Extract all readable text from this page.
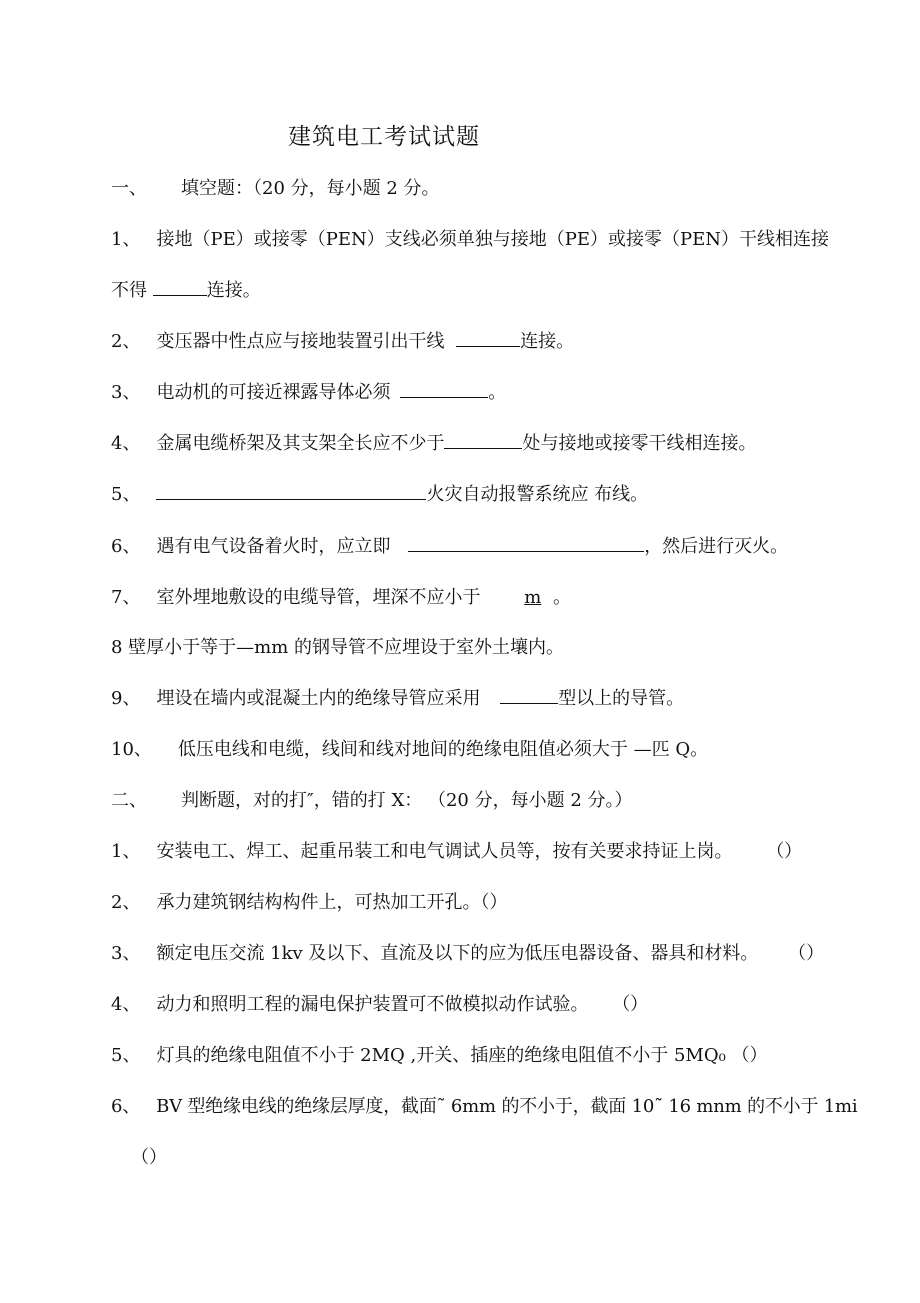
建筑电工考试试题
一、 填空题：（20 分，每小题 2 分。
1、 接地（PE）或接零（PEN）支线必须单独与接地（PE）或接零（PEN）干线相连接
不得	连接。
2、 变压器中性点应与接地装置引出干线	连接。
3、 电动机的可接近裸露导体必须	。
4、 金属电缆桥架及其支架全长应不少于	处与接地或接零干线相连接。
5、	火灾自动报警系统应 布线。
6、 遇有电气设备着火时，应立即	，然后进行灭火。
7、 室外埋地敷设的电缆导管，埋深不应小于 m 。
8 壁厚小于等于—mm 的钢导管不应埋设于室外土壤内。
9、 埋设在墙内或混凝土内的绝缘导管应采用	型以上的导管。
10、 低压电线和电缆，线间和线对地间的绝缘电阻值必须大于 —匹 Q。
二、 判断题，对的打″，错的打 X： （20 分，每小题 2 分。）
1、 安装电工、焊工、起重吊装工和电气调试人员等，按有关要求持证上岗。 （）
2、 承力建筑钢结构构件上，可热加工开孔。（）
3、 额定电压交流 1kv 及以下、直流及以下的应为低压电器设备、器具和材料。 （）
4、 动力和照明工程的漏电保护装置可不做模拟动作试验。 （）
5、 灯具的绝缘电阻值不小于 2MQ ,开关、插座的绝缘电阻值不小于 5MQ₀ （）
6、 BV 型绝缘电线的绝缘层厚度，截面˜ 6mm 的不小于，截面 10˜ 16 mnm 的不小于 1mi
（）
